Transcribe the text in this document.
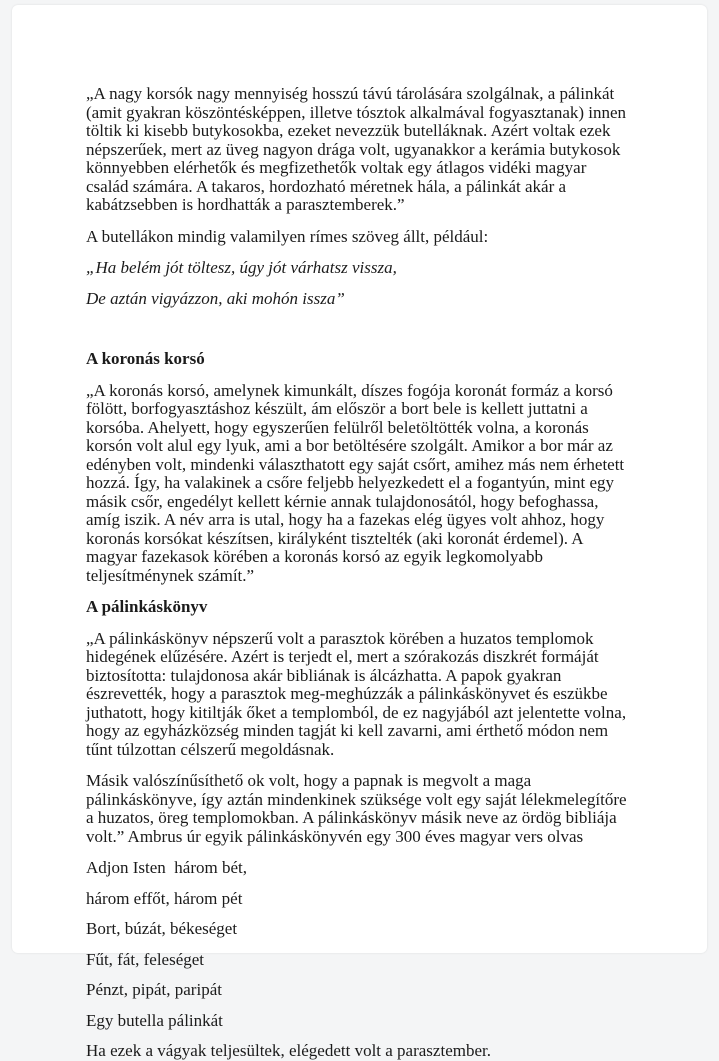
„A nagy korsók nagy mennyiség hosszú távú tárolására szolgálnak, a pálinkát (amit gyakran köszöntésképpen, illetve tósztok alkalmával fogyasztanak) innen töltik ki kisebb butykosokba, ezeket nevezzük butelláknak. Azért voltak ezek népszerűek, mert az üveg nagyon drága volt, ugyanakkor a kerámia butykosok könnyebben elérhetők és megfizethetők voltak egy átlagos vidéki magyar család számára. A takaros, hordozható méretnek hála, a pálinkát akár a kabátzsebben is hordhatták a parasztemberek.”

A butellákon mindig valamilyen rímes szöveg állt, például:

„Ha belém jót töltesz, úgy jót várhatsz vissza,

De aztán vigyázzon, aki mohón issza”

A koronás korsó

„A koronás korsó, amelynek kimunkált, díszes fogója koronát formáz a korsó fölött, borfogyasztáshoz készült, ám először a bort bele is kellett juttatni a korsóba. Ahelyett, hogy egyszerűen felülről beletöltötték volna, a koronás korsón volt alul egy lyuk, ami a bor betöltésére szolgált. Amikor a bor már az edényben volt, mindenki választhatott egy saját csőrt, amihez más nem érhetett hozzá. Így, ha valakinek a csőre feljebb helyezkedett el a fogantyún, mint egy másik csőr, engedélyt kellett kérnie annak tulajdonosától, hogy befoghassa, amíg iszik. A név arra is utal, hogy ha a fazekas elég ügyes volt ahhoz, hogy koronás korsókat készítsen, királyként tisztelték (aki koronát érdemel). A magyar fazekasok körében a koronás korsó az egyik legkomolyabb teljesítménynek számít.”

A pálinkáskönyv

„A pálinkáskönyv népszerű volt a parasztok körében a huzatos templomok hidegének elűzésére. Azért is terjedt el, mert a szórakozás diszkrét formáját biztosította: tulajdonosa akár bibliának is álcázhatta. A papok gyakran észrevették, hogy a parasztok meg-meghúzzák a pálinkáskönyvet és eszükbe juthatott, hogy kitiltják őket a templomból, de ez nagyjából azt jelentette volna, hogy az egyházközség minden tagját ki kell zavarni, ami érthető módon nem tűnt túlzottan célszerű megoldásnak.

Másik valószínűsíthető ok volt, hogy a papnak is megvolt a maga pálinkáskönyve, így aztán mindenkinek szüksége volt egy saját lélekmelegítőre a huzatos, öreg templomokban. A pálinkáskönyv másik neve az ördög bibliája volt.” Ambrus úr egyik pálinkáskönyvén egy 300 éves magyar vers olvas

Adjon Isten  három bét,

három effőt, három pét

Bort, búzát, békeséget

Fűt, fát, feleséget

Pénzt, pipát, paripát

Egy butella pálinkát

Ha ezek a vágyak teljesültek, elégedett volt a parasztember.
